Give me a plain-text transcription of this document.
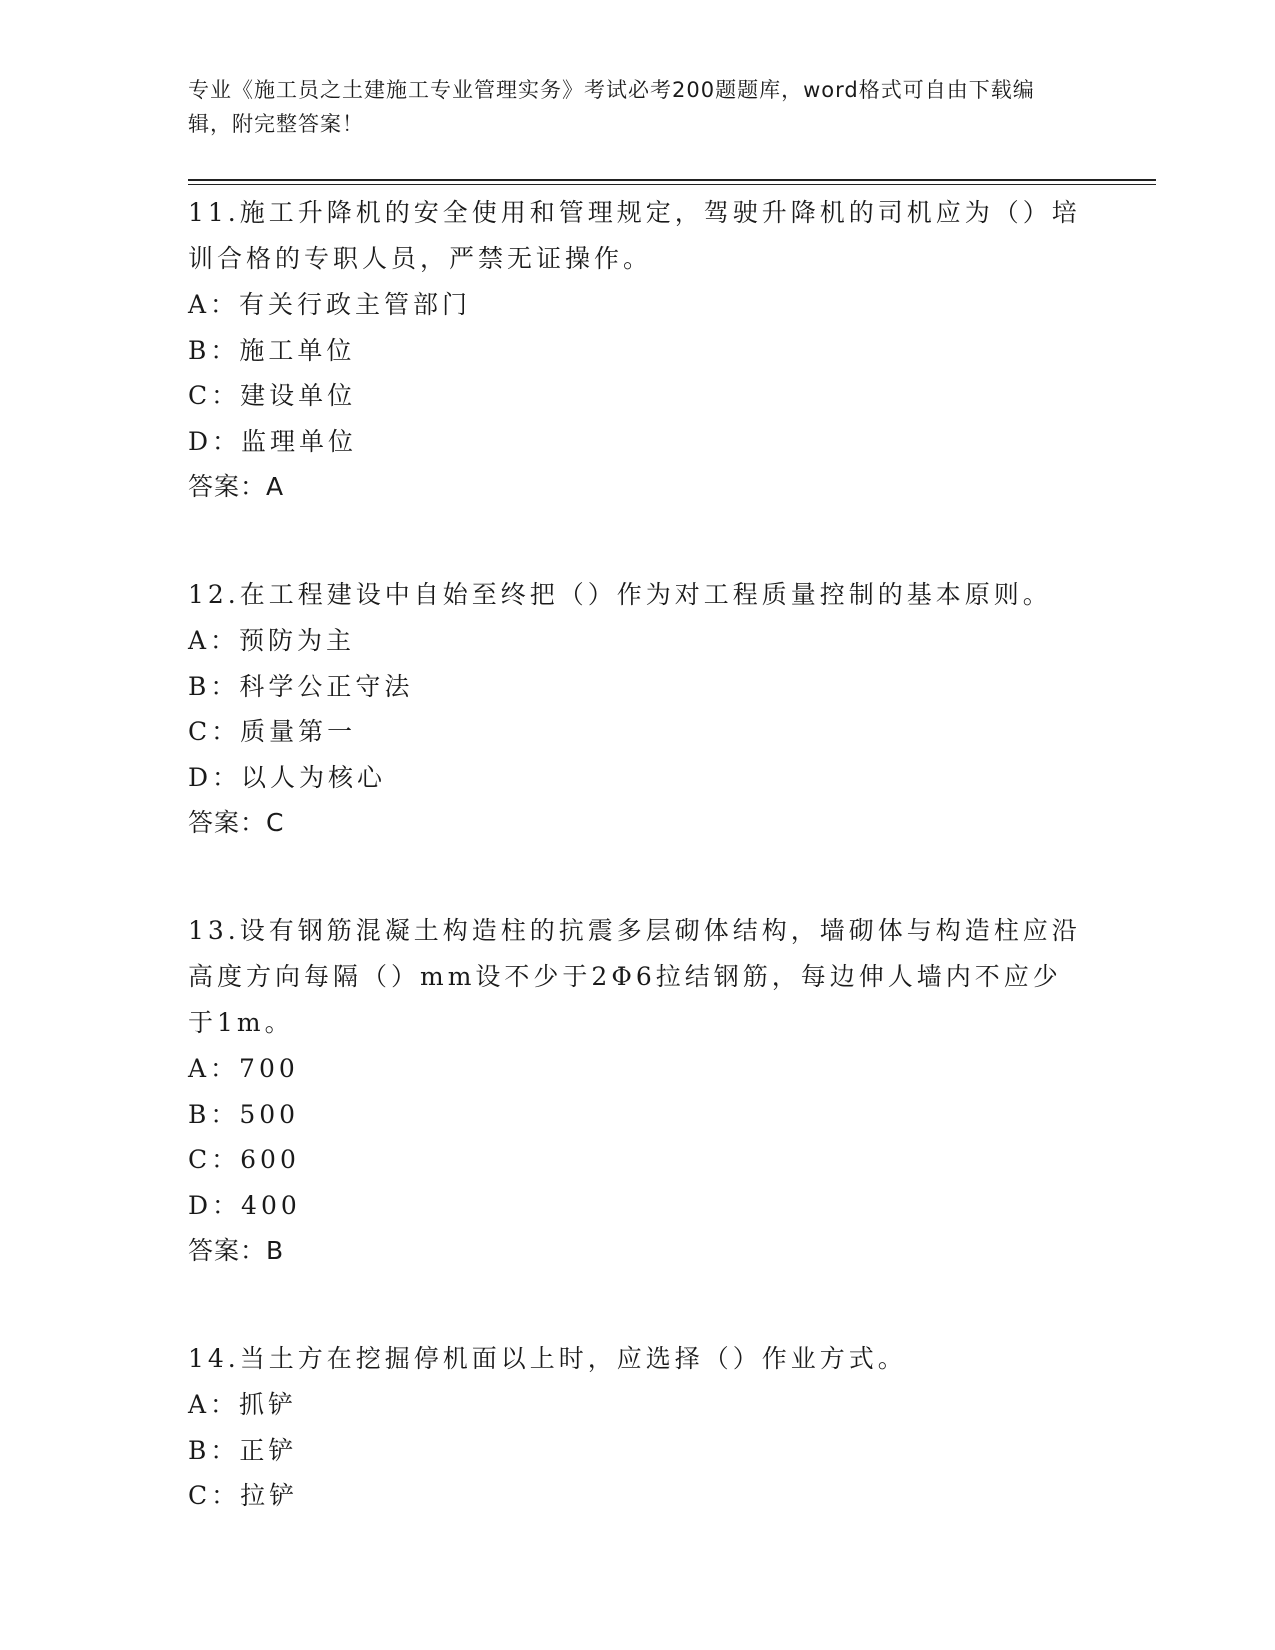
专业《施工员之土建施工专业管理实务》考试必考200题题库，word格式可自由下载编辑，附完整答案！
11.施工升降机的安全使用和管理规定，驾驶升降机的司机应为（）培训合格的专职人员，严禁无证操作。
A：有关行政主管部门
B：施工单位
C：建设单位
D：监理单位
答案：A
12.在工程建设中自始至终把（）作为对工程质量控制的基本原则。
A：预防为主
B：科学公正守法
C：质量第一
D：以人为核心
答案：C
13.设有钢筋混凝土构造柱的抗震多层砌体结构，墙砌体与构造柱应沿高度方向每隔（）mm设不少于2Φ6拉结钢筋，每边伸人墙内不应少于1m。
A：700
B：500
C：600
D：400
答案：B
14.当土方在挖掘停机面以上时，应选择（）作业方式。
A：抓铲
B：正铲
C：拉铲
